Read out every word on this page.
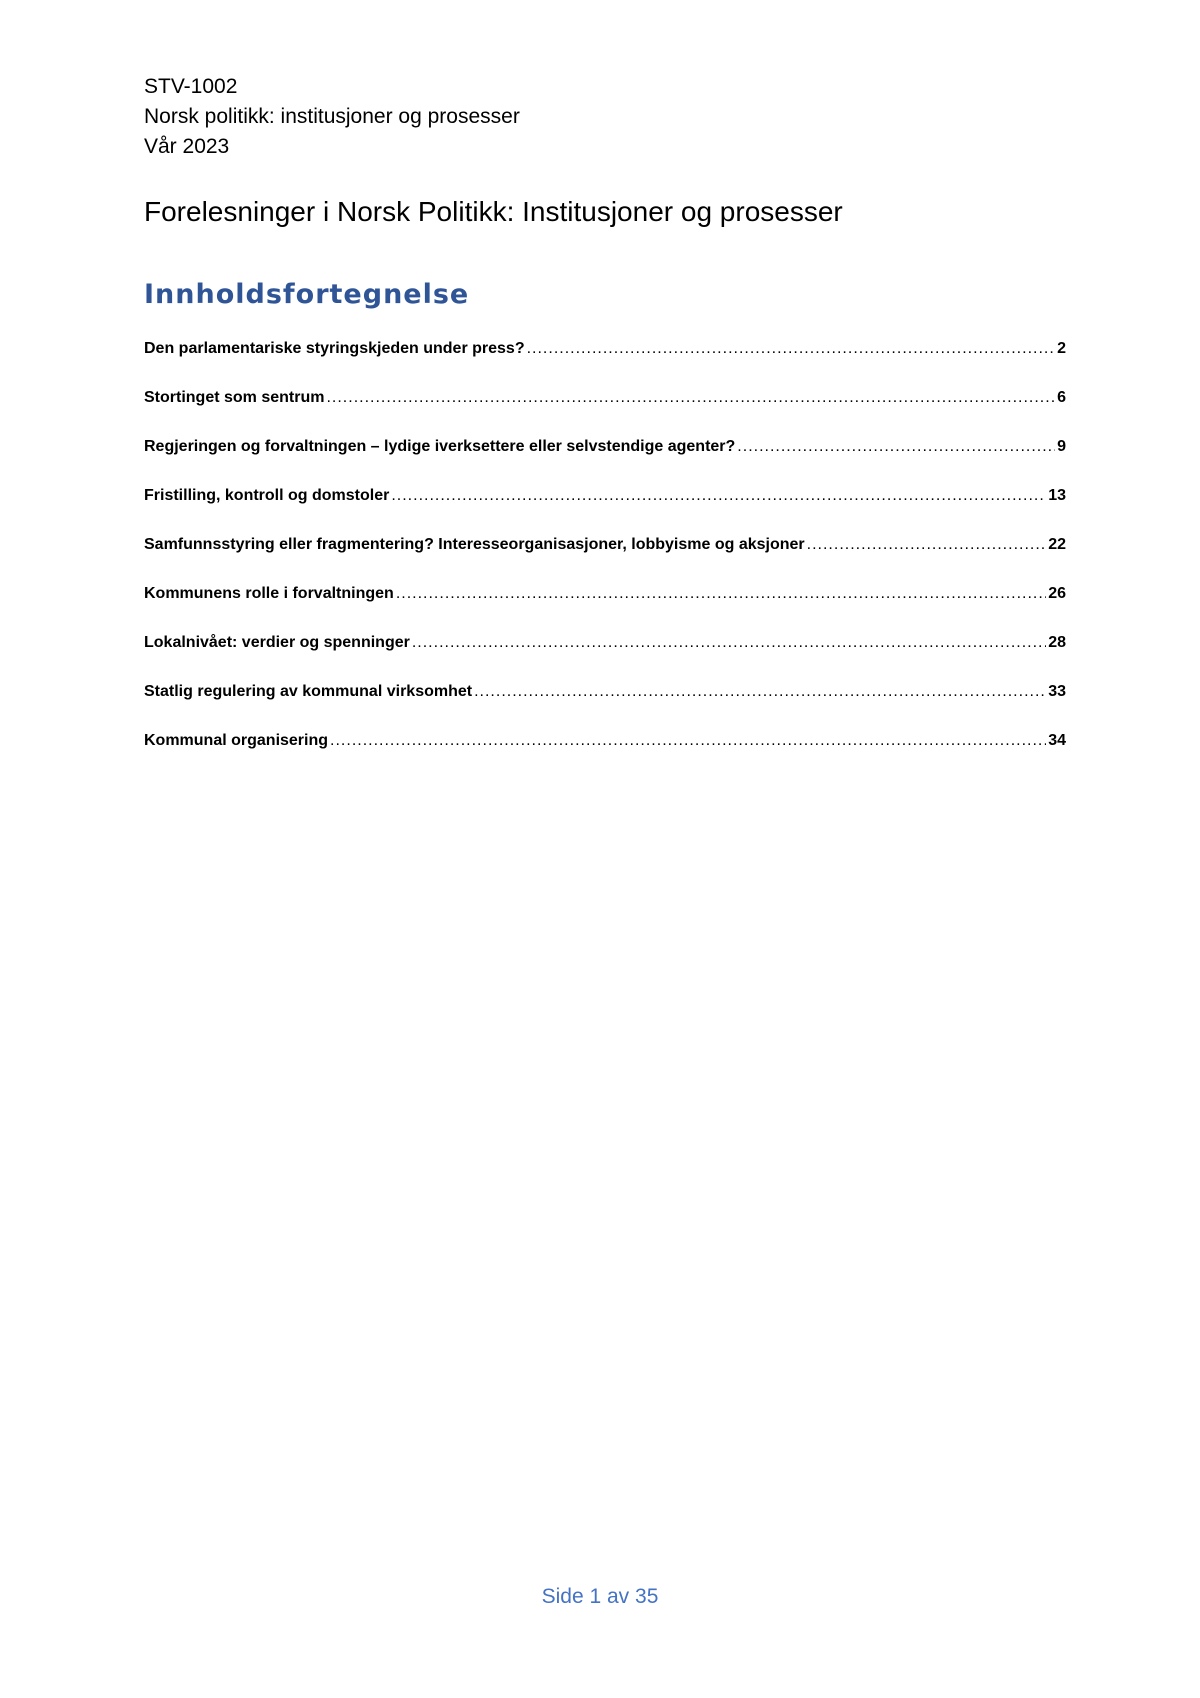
STV-1002
Norsk politikk: institusjoner og prosesser
Vår 2023
Forelesninger i Norsk Politikk: Institusjoner og prosesser
Innholdsfortegnelse
Den parlamentariske styringskjeden under press? .....	2
Stortinget som sentrum .....	6
Regjeringen og forvaltningen – lydige iverksettere eller selvstendige agenter? .....	9
Fristilling, kontroll og domstoler .....	13
Samfunnsstyring eller fragmentering? Interesseorganisasjoner, lobbyisme og aksjoner .....	22
Kommunens rolle i forvaltningen .....	26
Lokalnivået: verdier og spenninger .....	28
Statlig regulering av kommunal virksomhet .....	33
Kommunal organisering .....	34
Side 1 av 35
